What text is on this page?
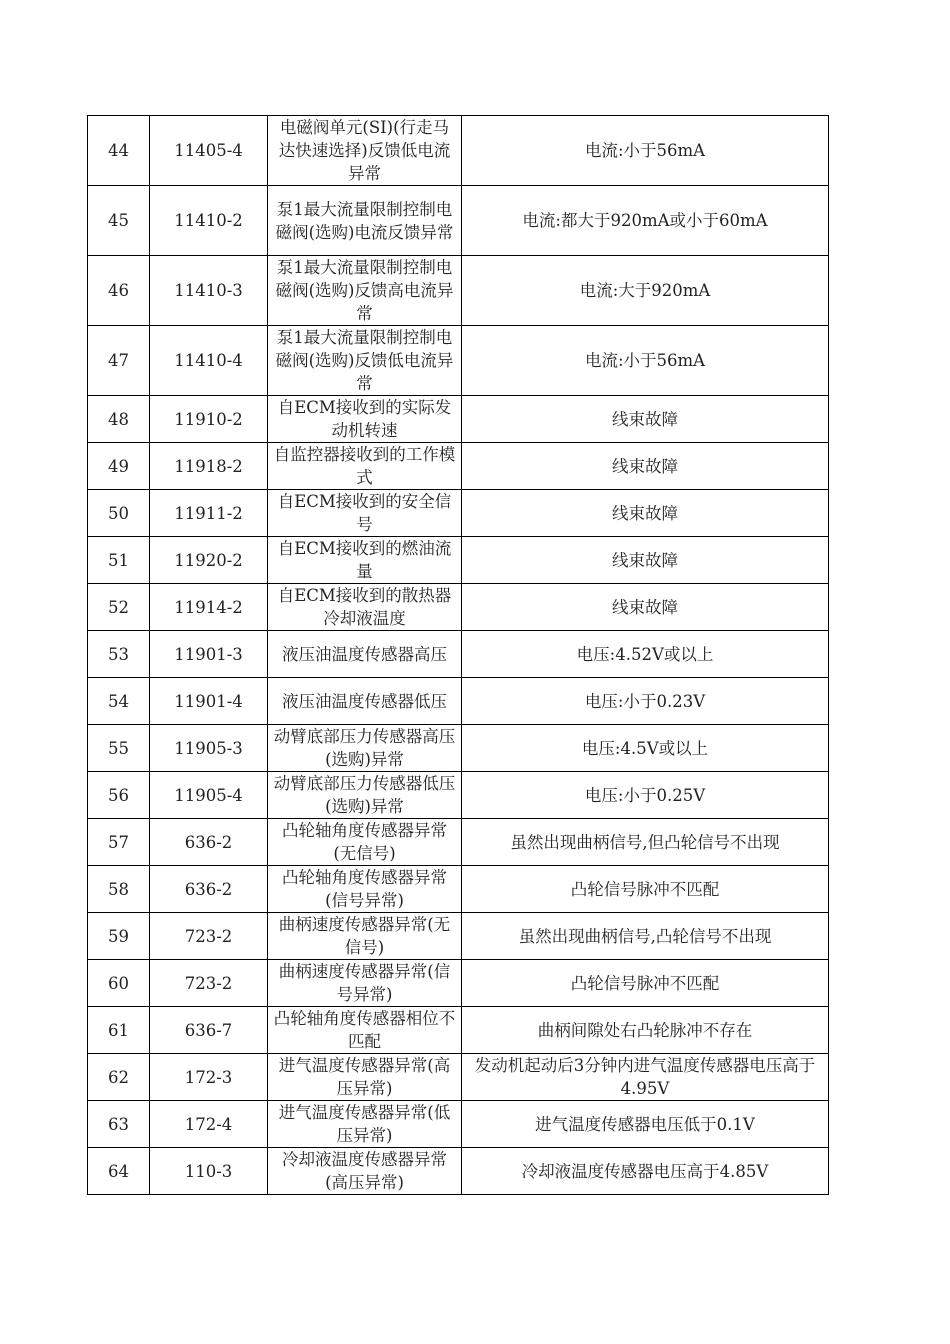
44	11405-4	电磁阀单元(SI)(行走马达快速选择)反馈低电流异常	电流:小于56mA
45	11410-2	泵1最大流量限制控制电磁阀(选购)电流反馈异常	电流:都大于920mA或小于60mA
46	11410-3	泵1最大流量限制控制电磁阀(选购)反馈高电流异常	电流:大于920mA
47	11410-4	泵1最大流量限制控制电磁阀(选购)反馈低电流异常	电流:小于56mA
48	11910-2	自ECM接收到的实际发动机转速	线束故障
49	11918-2	自监控器接收到的工作模式	线束故障
50	11911-2	自ECM接收到的安全信号	线束故障
51	11920-2	自ECM接收到的燃油流量	线束故障
52	11914-2	自ECM接收到的散热器冷却液温度	线束故障
53	11901-3	液压油温度传感器高压	电压:4.52V或以上
54	11901-4	液压油温度传感器低压	电压:小于0.23V
55	11905-3	动臂底部压力传感器高压(选购)异常	电压:4.5V或以上
56	11905-4	动臂底部压力传感器低压(选购)异常	电压:小于0.25V
57	636-2	凸轮轴角度传感器异常(无信号)	虽然出现曲柄信号,但凸轮信号不出现
58	636-2	凸轮轴角度传感器异常(信号异常)	凸轮信号脉冲不匹配
59	723-2	曲柄速度传感器异常(无信号)	虽然出现曲柄信号,凸轮信号不出现
60	723-2	曲柄速度传感器异常(信号异常)	凸轮信号脉冲不匹配
61	636-7	凸轮轴角度传感器相位不匹配	曲柄间隙处右凸轮脉冲不存在
62	172-3	进气温度传感器异常(高压异常)	发动机起动后3分钟内进气温度传感器电压高于4.95V
63	172-4	进气温度传感器异常(低压异常)	进气温度传感器电压低于0.1V
64	110-3	冷却液温度传感器异常(高压异常)	冷却液温度传感器电压高于4.85V
